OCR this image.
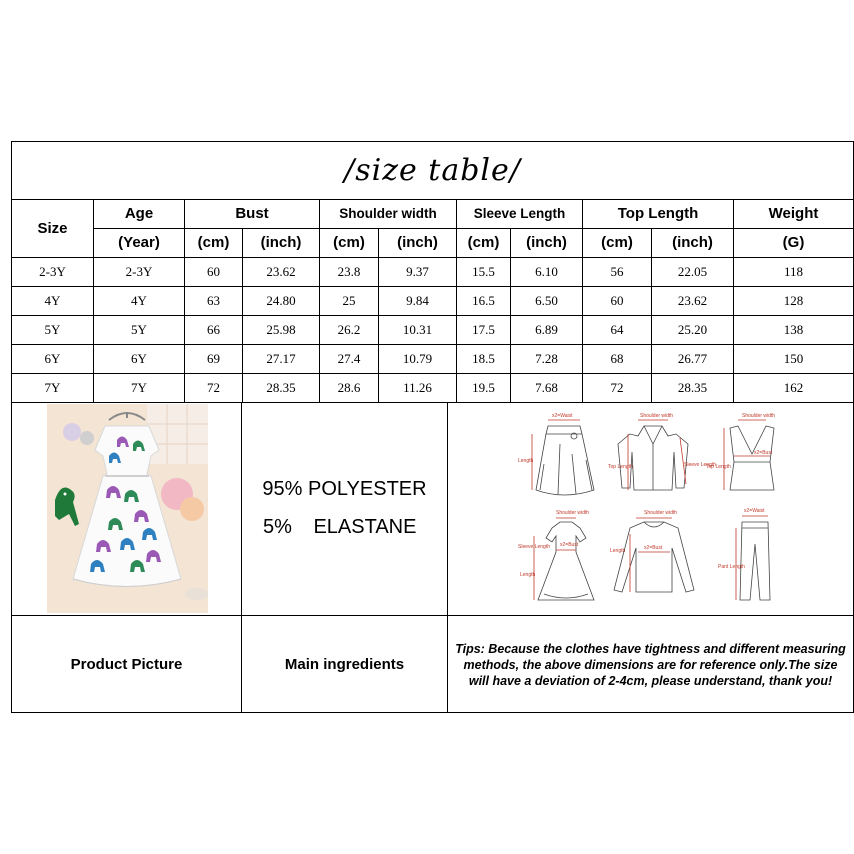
/size table/
Size
Age	Bust	Shoulder width	Sleeve Length	Top Length	Weight
(Year)	(cm)	(inch)	(cm)	(inch)	(cm)	(inch)	(cm)	(inch)	(G)
2-3Y	2-3Y	60	23.62	23.8	9.37	15.5	6.10	56	22.05	118
4Y	4Y	63	24.80	25	9.84	16.5	6.50	60	23.62	128
5Y	5Y	66	25.98	26.2	10.31	17.5	6.89	64	25.20	138
6Y	6Y	69	27.17	27.4	10.79	18.5	7.28	68	26.77	150
7Y	7Y	72	28.35	28.6	11.26	19.5	7.68	72	28.35	162
95% POLYESTER
5% ELASTANE
x2=Waist
Length
Shoulder width
Top Length	Sleeve Length
Shoulder width
Top Length
x2=Bust
Shoulder width
Sleeve Length x2=Bust
Length
Shoulder width
Length	x2=Bust
x2=Waist
Pant Length
Product Picture	Main ingredients
Tips: Because the clothes have tightness and different measuring methods, the above dimensions are for reference only.The size will have a deviation of 2-4cm, please understand, thank you!
